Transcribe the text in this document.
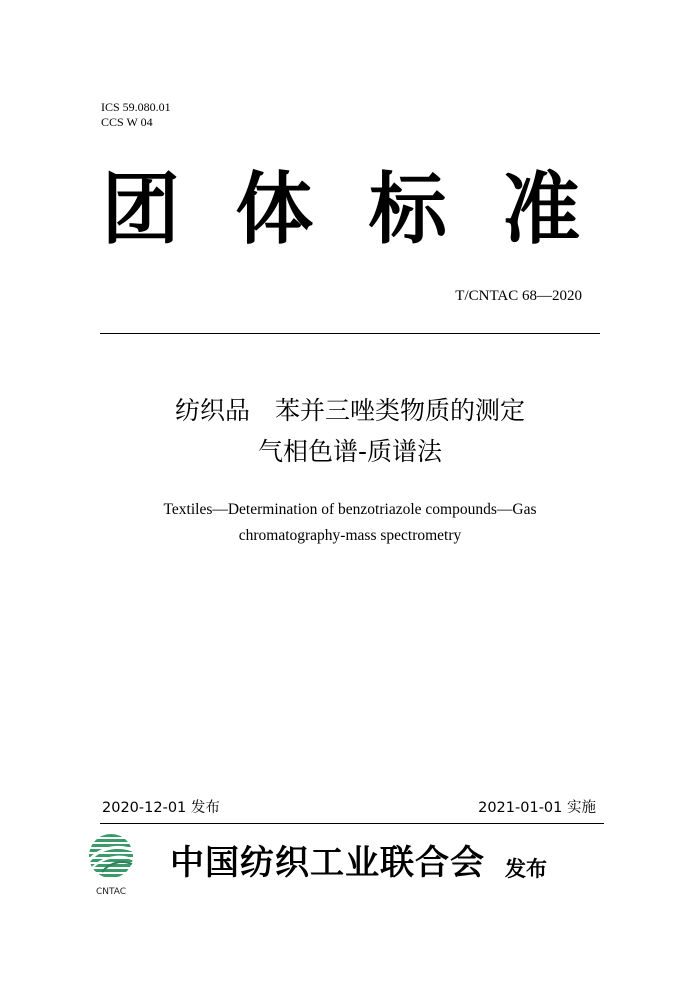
ICS 59.080.01
CCS W 04
团 体 标 准
T/CNTAC 68—2020
纺织品　苯并三唑类物质的测定
气相色谱-质谱法
Textiles—Determination of benzotriazole compounds—Gas
chromatography-mass spectrometry
2020-12-01 发布	2021-01-01 实施
CNTAC
中国纺织工业联合会 发布
